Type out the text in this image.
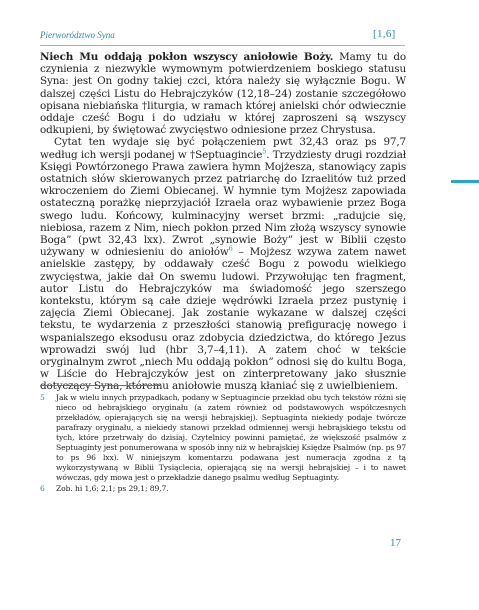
Pierworództwo Syna	[1,6]

Niech Mu oddają pokłon wszyscy aniołowie Boży. Mamy tu do czynienia z niezwykle wymownym potwierdzeniem boskiego statusu Syna: jest On godny takiej czci, która należy się wyłącznie Bogu. W dalszej części Listu do Hebrajczyków (12,18–24) zostanie szczegółowo opisana niebiańska †liturgia, w ramach której anielski chór odwiecznie oddaje cześć Bogu i do udziału w której zaproszeni są wszyscy odkupieni, by świętować zwycięstwo odniesione przez Chrystusa.

Cytat ten wydaje się być połączeniem pwt 32,43 oraz ps 97,7 według ich wersji podanej w †Septuagincie$^5$. Trzydziesty drugi rozdział Księgi Powtórzonego Prawa zawiera hymn Mojżesza, stanowiący zapis ostatnich słów skierowanych przez patriarchę do Izraelitów tuż przed wkroczeniem do Ziemi Obiecanej. W hymnie tym Mojżesz zapowiada ostateczną porażkę nieprzyjaciół Izraela oraz wybawienie przez Boga swego ludu. Końcowy, kulminacyjny werset brzmi: „radujcie się, niebiosa, razem z Nim, niech pokłon przed Nim złożą wszyscy synowie Boga” (pwt 32,43 lxx). Zwrot „synowie Boży” jest w Biblii często używany w odniesieniu do aniołów$^6$ – Mojżesz wzywa zatem nawet anielskie zastępy, by oddawały cześć Bogu z powodu wielkiego zwycięstwa, jakie dał On swemu ludowi. Przywołując ten fragment, autor Listu do Hebrajczyków ma świadomość jego szerszego kontekstu, którym są całe dzieje wędrówki Izraela przez pustynię i zajęcia Ziemi Obiecanej. Jak zostanie wykazane w dalszej części tekstu, te wydarzenia z przeszłości stanowią prefigurację nowego i wspanialszego eksodusu oraz zdobycia dziedzictwa, do którego Jezus wprowadzi swój lud (hbr 3,7–4,11). A zatem choć w tekście oryginalnym zwrot „niech Mu oddają pokłon” odnosi się do kultu Boga, w Liście do Hebrajczyków jest on zinterpretowany jako słusznie dotyczący Syna, któremu aniołowie muszą kłaniać się z uwielbieniem.

5 Jak w wielu innych przypadkach, podany w Septuagincie przekład obu tych tekstów różni się nieco od hebrajskiego oryginału (a zatem również od podstawowych współczesnych przekładów, opierających się na wersji hebrajskiej). Septuaginta niekiedy podaje twórcze parafrazy oryginału, a niekiedy stanowi przekład odmiennej wersji hebrajskiego tekstu od tych, które przetrwały do dzisiaj. Czytelnicy powinni pamiętać, że większość psalmów z Septuaginty jest ponumerowana w sposób inny niż w hebrajskiej Księdze Psalmów (np. ps 97 to ps 96 lxx). W niniejszym komentarzu podawana jest numeracja zgodna z tą wykorzystywaną w Biblii Tysiąclecia, opierającą się na wersji hebrajskiej – i to nawet wówczas, gdy mowa jest o przekładzie danego psalmu według Septuaginty.
6 Zob. hi 1,6; 2,1; ps 29,1; 89,7.
17
